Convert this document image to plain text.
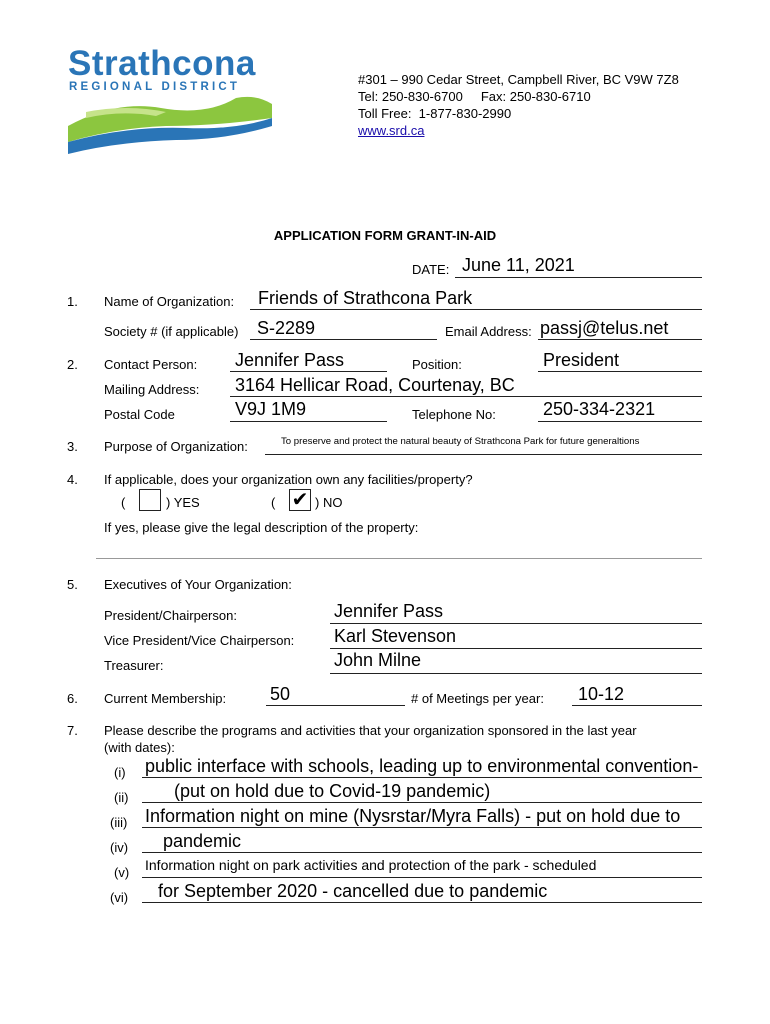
Strathcona
REGIONAL DISTRICT	#301 – 990 Cedar Street, Campbell River, BC V9W 7Z8
Tel: 250-830-6700     Fax: 250-830-6710
Toll Free:  1-877-830-2990
www.srd.ca
APPLICATION FORM GRANT-IN-AID
DATE: June 11, 2021
1. Name of Organization: Friends of Strathcona Park
Society # (if applicable) S-2289	Email Address: passj@telus.net
2. Contact Person: Jennifer Pass	Position:	President
Mailing Address: 3164 Hellicar Road, Courtenay, BC
Postal Code	V9J 1M9	Telephone No:	250-334-2321
3. Purpose of Organization:	To preserve and protect the natural beauty of Strathcona Park for future generaltions
4. If applicable, does your organization own any facilities/property?
(	) YES	( ✔ ) NO
If yes, please give the legal description of the property:
5. Executives of Your Organization:
President/Chairperson:	Jennifer Pass
Vice President/Vice Chairperson: Karl Stevenson
Treasurer:	John Milne
6. Current Membership: 50	# of Meetings per year: 10-12
7. Please describe the programs and activities that your organization sponsored in the last year
(with dates):
(i) public interface with schools, leading up to environmental convention-
(ii)	(put on hold due to Covid-19 pandemic)
(iii) Information night on mine (Nysrstar/Myra Falls) - put on hold due to
(iv) pandemic
(v) Information night on park activities and protection of the park - scheduled
(vi) for September 2020 - cancelled due to pandemic
